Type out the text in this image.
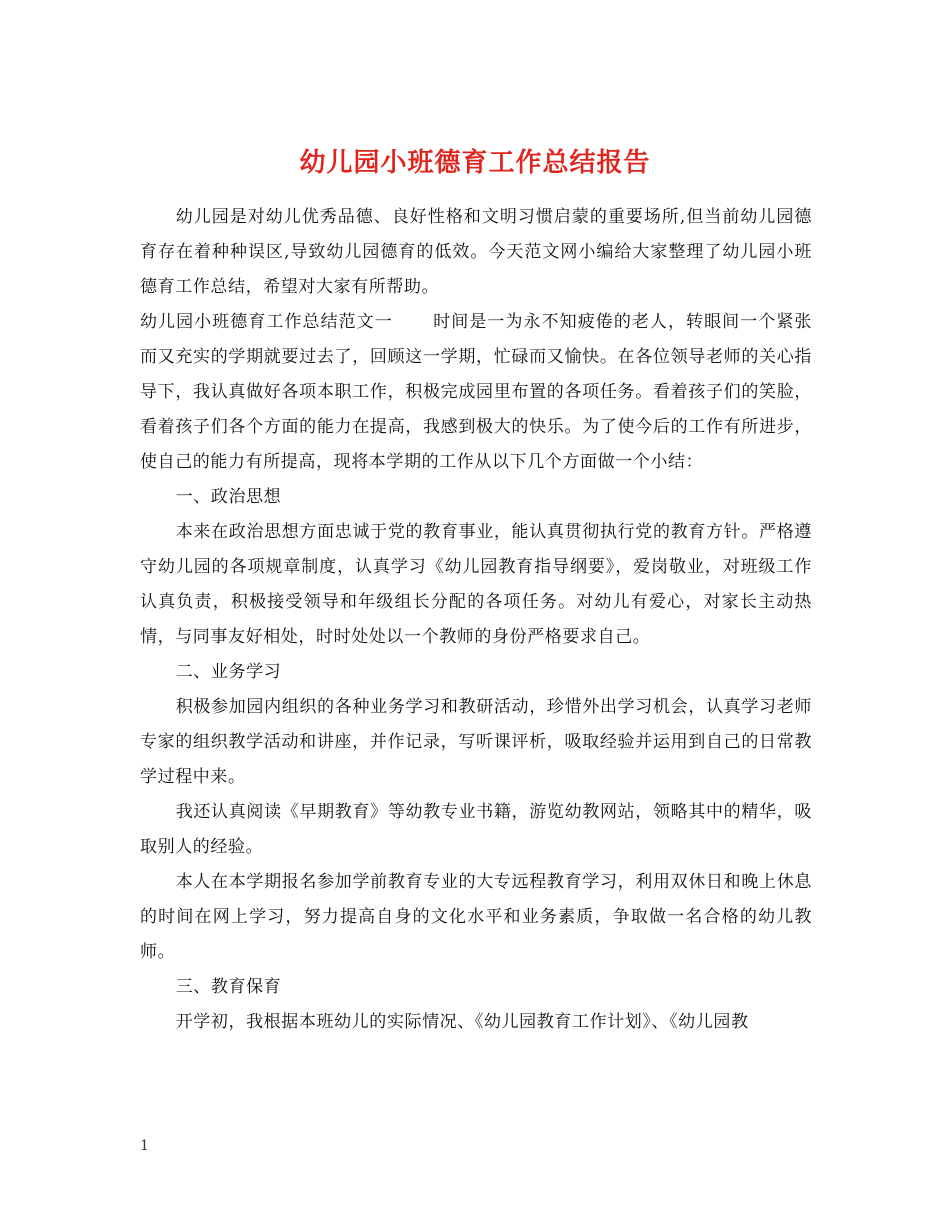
幼儿园小班德育工作总结报告

幼儿园是对幼儿优秀品德、良好性格和文明习惯启蒙的重要场所,但当前幼儿园德育存在着种种误区,导致幼儿园德育的低效。今天范文网小编给大家整理了幼儿园小班德育工作总结，希望对大家有所帮助。

幼儿园小班德育工作总结范文一 时间是一为永不知疲倦的老人，转眼间一个紧张而又充实的学期就要过去了，回顾这一学期，忙碌而又愉快。在各位领导老师的关心指导下，我认真做好各项本职工作，积极完成园里布置的各项任务。看着孩子们的笑脸，看着孩子们各个方面的能力在提高，我感到极大的快乐。为了使今后的工作有所进步，使自己的能力有所提高，现将本学期的工作从以下几个方面做一个小结：

一、政治思想

本来在政治思想方面忠诚于党的教育事业，能认真贯彻执行党的教育方针。严格遵守幼儿园的各项规章制度，认真学习《幼儿园教育指导纲要》，爱岗敬业，对班级工作认真负责，积极接受领导和年级组长分配的各项任务。对幼儿有爱心，对家长主动热情，与同事友好相处，时时处处以一个教师的身份严格要求自己。

二、业务学习

积极参加园内组织的各种业务学习和教研活动，珍惜外出学习机会，认真学习老师专家的组织教学活动和讲座，并作记录，写听课评析，吸取经验并运用到自己的日常教学过程中来。

我还认真阅读《早期教育》等幼教专业书籍，游览幼教网站，领略其中的精华，吸取别人的经验。

本人在本学期报名参加学前教育专业的大专远程教育学习，利用双休日和晚上休息的时间在网上学习，努力提高自身的文化水平和业务素质，争取做一名合格的幼儿教师。

三、教育保育

开学初，我根据本班幼儿的实际情况、《幼儿园教育工作计划》、《幼儿园教

1
